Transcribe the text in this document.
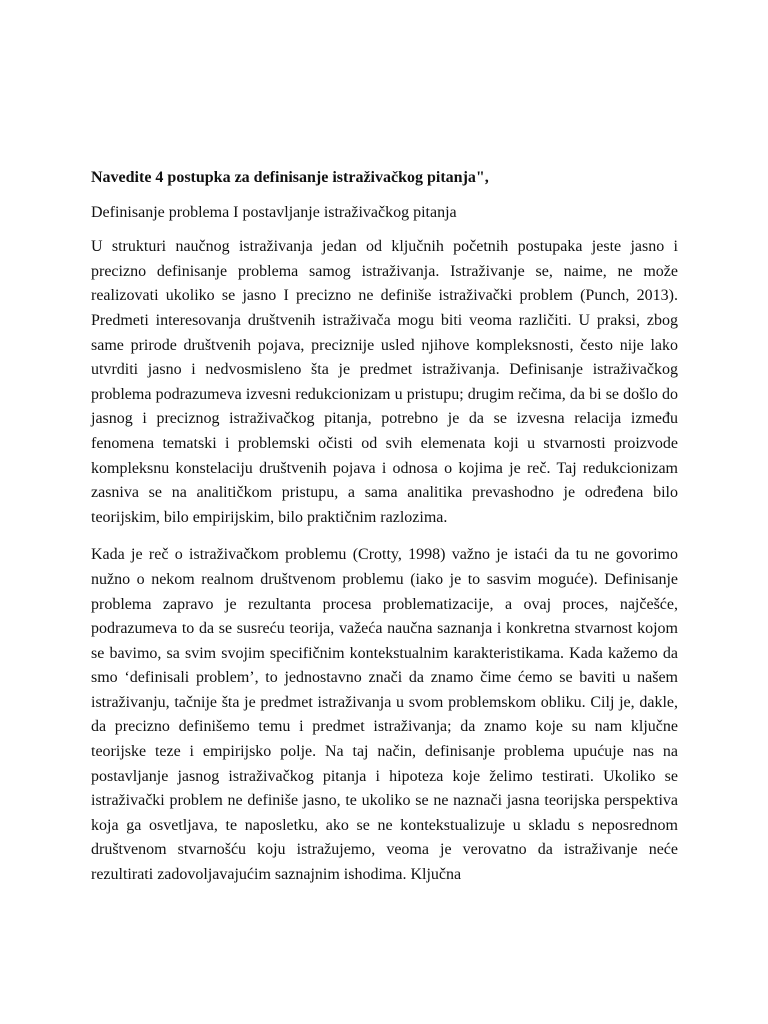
Navedite 4 postupka za definisanje istraživačkog pitanja",

Definisanje problema I postavljanje istraživačkog pitanja

U strukturi naučnog istraživanja jedan od ključnih početnih postupaka jeste jasno i precizno definisanje problema samog istraživanja. Istraživanje se, naime, ne može realizovati ukoliko se jasno I precizno ne definiše istraživački problem (Punch, 2013). Predmeti interesovanja društvenih istraživača mogu biti veoma različiti. U praksi, zbog same prirode društvenih pojava, preciznije usled njihove kompleksnosti, često nije lako utvrditi jasno i nedvosmisleno šta je predmet istraživanja. Definisanje istraživačkog problema podrazumeva izvesni redukcionizam u pristupu; drugim rečima, da bi se došlo do jasnog i preciznog istraživačkog pitanja, potrebno je da se izvesna relacija između fenomena tematski i problemski očisti od svih elemenata koji u stvarnosti proizvode kompleksnu konstelaciju društvenih pojava i odnosa o kojima je reč. Taj redukcionizam zasniva se na analitičkom pristupu, a sama analitika prevashodno je određena bilo teorijskim, bilo empirijskim, bilo praktičnim razlozima.

Kada je reč o istraživačkom problemu (Crotty, 1998) važno je istaći da tu ne govorimo nužno o nekom realnom društvenom problemu (iako je to sasvim moguće). Definisanje problema zapravo je rezultanta procesa problematizacije, a ovaj proces, najčešće, podrazumeva to da se susreću teorija, važeća naučna saznanja i konkretna stvarnost kojom se bavimo, sa svim svojim specifičnim kontekstualnim karakteristikama. Kada kažemo da smo ‘definisali problem’, to jednostavno znači da znamo čime ćemo se baviti u našem istraživanju, tačnije šta je predmet istraživanja u svom problemskom obliku. Cilj je, dakle, da precizno definišemo temu i predmet istraživanja; da znamo koje su nam ključne teorijske teze i empirijsko polje. Na taj način, definisanje problema upućuje nas na postavljanje jasnog istraživačkog pitanja i hipoteza koje želimo testirati. Ukoliko se istraživački problem ne definiše jasno, te ukoliko se ne naznači jasna teorijska perspektiva koja ga osvetljava, te naposletku, ako se ne kontekstualizuje u skladu s neposrednom društvenom stvarnošću koju istražujemo, veoma je verovatno da istraživanje neće rezultirati zadovoljavajućim saznajnim ishodima. Ključna
